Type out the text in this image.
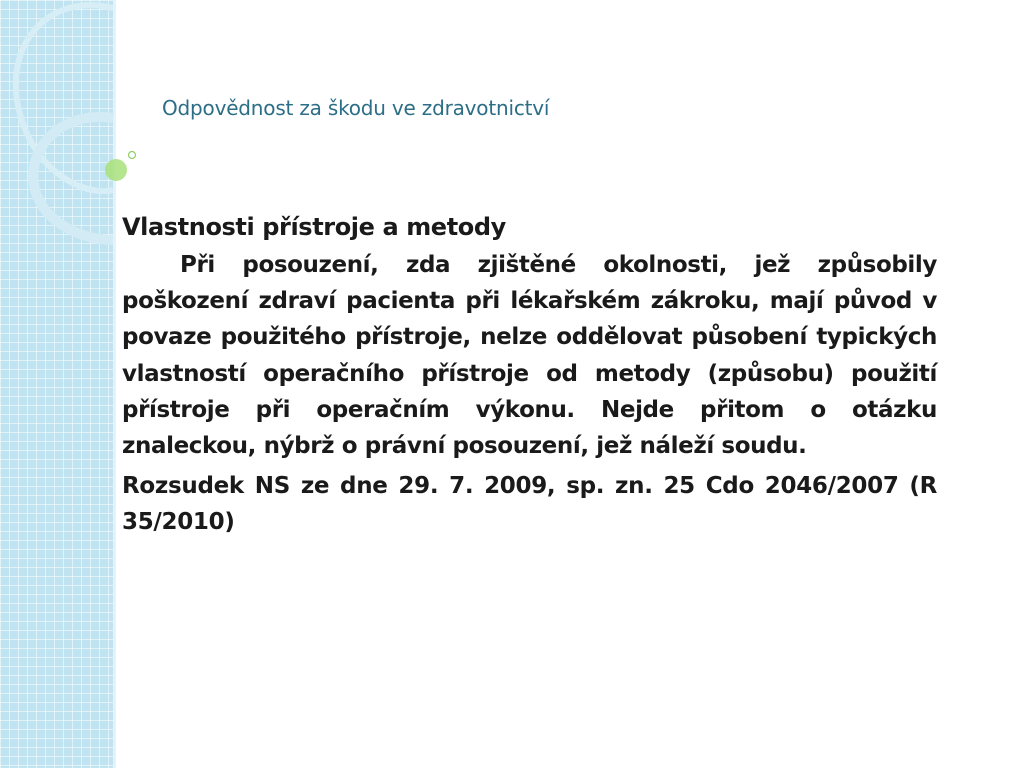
Odpovědnost za škodu ve zdravotnictví
Vlastnosti přístroje a metody
Při posouzení, zda zjištěné okolnosti, jež způsobily poškození zdraví pacienta při lékařském zákroku, mají původ v povaze použitého přístroje, nelze oddělovat působení typických vlastností operačního přístroje od metody (způsobu) použití přístroje při operačním výkonu. Nejde přitom o otázku znaleckou, nýbrž o právní posouzení, jež náleží soudu.
Rozsudek NS ze dne 29. 7. 2009, sp. zn. 25 Cdo 2046/2007 (R 35/2010)
